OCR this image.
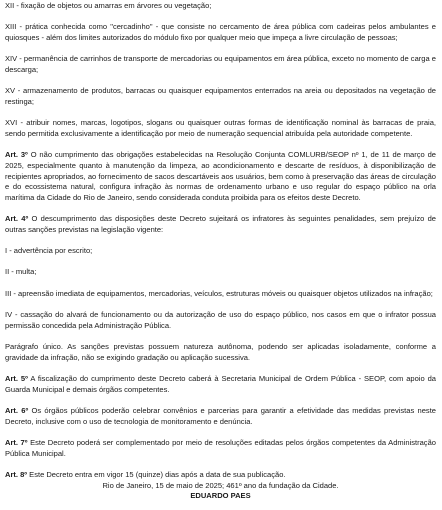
XII - fixação de objetos ou amarras em árvores ou vegetação;

XIII - prática conhecida como "cercadinho" - que consiste no cercamento de área pública com cadeiras pelos ambulantes e quiosques - além dos limites autorizados do módulo fixo por qualquer meio que impeça a livre circulação de pessoas;

XIV - permanência de carrinhos de transporte de mercadorias ou equipamentos em área pública, exceto no momento de carga e descarga;

XV - armazenamento de produtos, barracas ou quaisquer equipamentos enterrados na areia ou depositados na vegetação de restinga;

XVI - atribuir nomes, marcas, logotipos, slogans ou quaisquer outras formas de identificação nominal às barracas de praia, sendo permitida exclusivamente a identificação por meio de numeração sequencial atribuída pela autoridade competente.

Art. 3º O não cumprimento das obrigações estabelecidas na Resolução Conjunta COMLURB/SEOP nº 1, de 11 de março de 2025, especialmente quanto à manutenção da limpeza, ao acondicionamento e descarte de resíduos, à disponibilização de recipientes apropriados, ao fornecimento de sacos descartáveis aos usuários, bem como à preservação das áreas de circulação e do ecossistema natural, configura infração às normas de ordenamento urbano e uso regular do espaço público na orla marítima da Cidade do Rio de Janeiro, sendo considerada conduta proibida para os efeitos deste Decreto.

Art. 4º O descumprimento das disposições deste Decreto sujeitará os infratores às seguintes penalidades, sem prejuízo de outras sanções previstas na legislação vigente:

I - advertência por escrito;

II - multa;

III - apreensão imediata de equipamentos, mercadorias, veículos, estruturas móveis ou quaisquer objetos utilizados na infração;

IV - cassação do alvará de funcionamento ou da autorização de uso do espaço público, nos casos em que o infrator possua permissão concedida pela Administração Pública.

Parágrafo único. As sanções previstas possuem natureza autônoma, podendo ser aplicadas isoladamente, conforme a gravidade da infração, não se exigindo gradação ou aplicação sucessiva.

Art. 5º A fiscalização do cumprimento deste Decreto caberá à Secretaria Municipal de Ordem Pública - SEOP, com apoio da Guarda Municipal e demais órgãos competentes.

Art. 6º Os órgãos públicos poderão celebrar convênios e parcerias para garantir a efetividade das medidas previstas neste Decreto, inclusive com o uso de tecnologia de monitoramento e denúncia.

Art. 7º Este Decreto poderá ser complementado por meio de resoluções editadas pelos órgãos competentes da Administração Pública Municipal.

Art. 8º Este Decreto entra em vigor 15 (quinze) dias após a data de sua publicação.

Rio de Janeiro, 15 de maio de 2025; 461º ano da fundação da Cidade.

EDUARDO PAES
